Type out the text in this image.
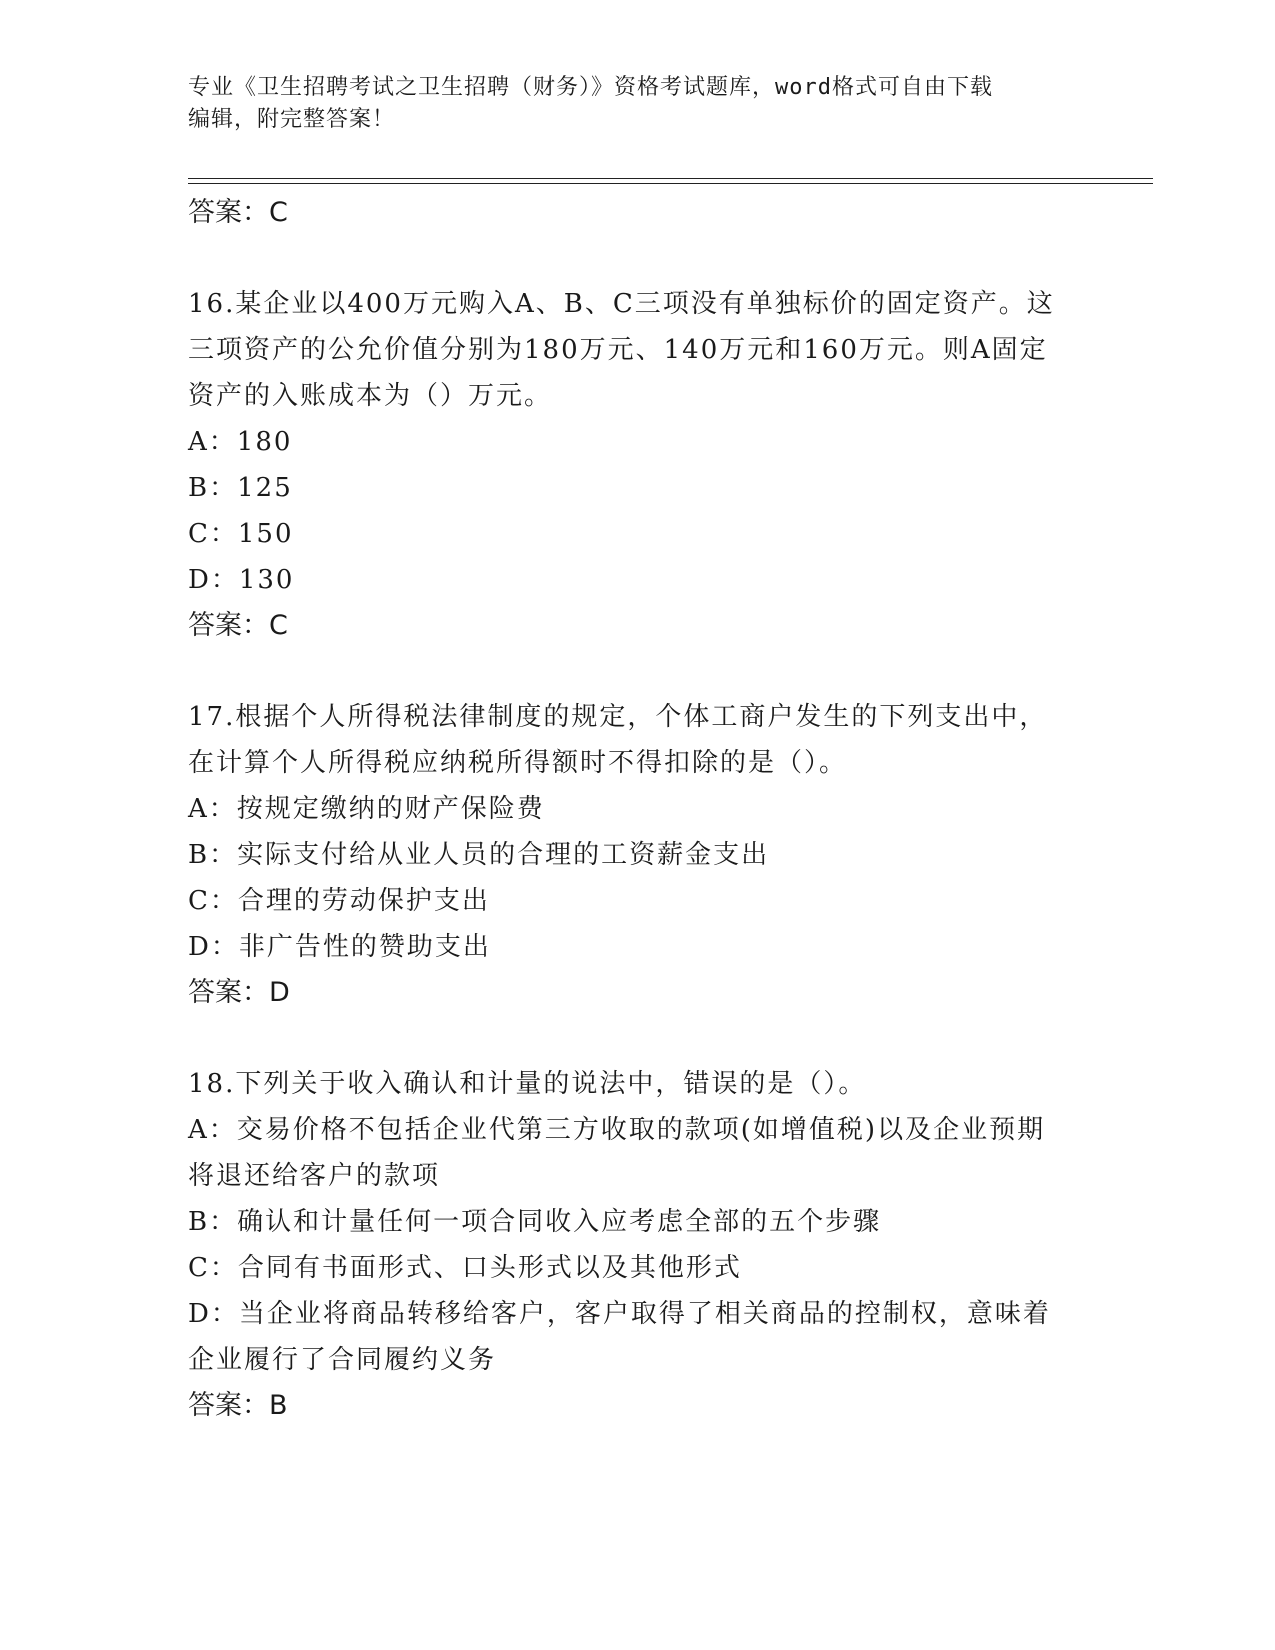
专业《卫生招聘考试之卫生招聘（财务）》资格考试题库，word格式可自由下载
编辑，附完整答案！
答案：C
16.某企业以400万元购入A、B、C三项没有单独标价的固定资产。这
三项资产的公允价值分别为180万元、140万元和160万元。则A固定
资产的入账成本为（）万元。
A：180
B：125
C：150
D：130
答案：C
17.根据个人所得税法律制度的规定，个体工商户发生的下列支出中，
在计算个人所得税应纳税所得额时不得扣除的是（）。
A：按规定缴纳的财产保险费
B：实际支付给从业人员的合理的工资薪金支出
C：合理的劳动保护支出
D：非广告性的赞助支出
答案：D
18.下列关于收入确认和计量的说法中，错误的是（）。
A：交易价格不包括企业代第三方收取的款项(如增值税)以及企业预期
将退还给客户的款项
B：确认和计量任何一项合同收入应考虑全部的五个步骤
C：合同有书面形式、口头形式以及其他形式
D：当企业将商品转移给客户，客户取得了相关商品的控制权，意味着
企业履行了合同履约义务
答案：B
